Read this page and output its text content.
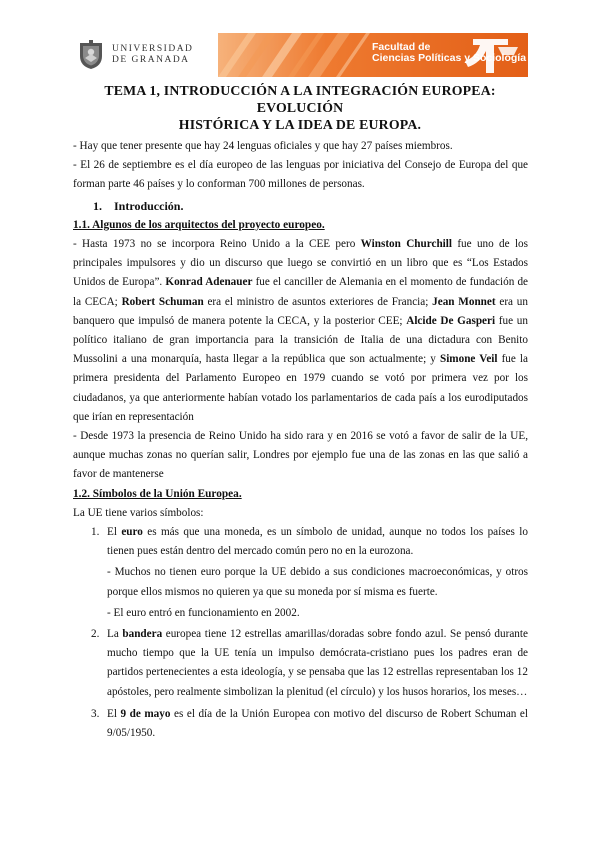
UNIVERSIDAD
DE GRANADA
Facultad de
Ciencias Políticas y Sociología
TEMA 1, INTRODUCCIÓN A LA INTEGRACIÓN EUROPEA: EVOLUCIÓN
HISTÓRICA Y LA IDEA DE EUROPA.

- Hay que tener presente que hay 24 lenguas oficiales y que hay 27 países miembros.

- El 26 de septiembre es el día europeo de las lenguas por iniciativa del Consejo de Europa del que forman parte 46 países y lo conforman 700 millones de personas.

1. Introducción.

1.1. Algunos de los arquitectos del proyecto europeo.

- Hasta 1973 no se incorpora Reino Unido a la CEE pero Winston Churchill fue uno de los principales impulsores y dio un discurso que luego se convirtió en un libro que es “Los Estados Unidos de Europa”. Konrad Adenauer fue el canciller de Alemania en el momento de fundación de la CECA; Robert Schuman era el ministro de asuntos exteriores de Francia; Jean Monnet era un banquero que impulsó de manera potente la CECA, y la posterior CEE; Alcide De Gasperi fue un político italiano de gran importancia para la transición de Italia de una dictadura con Benito Mussolini a una monarquía, hasta llegar a la república que son actualmente; y Simone Veil fue la primera presidenta del Parlamento Europeo en 1979 cuando se votó por primera vez por los ciudadanos, ya que anteriormente habían votado los parlamentarios de cada país a los eurodiputados que irían en representación

- Desde 1973 la presencia de Reino Unido ha sido rara y en 2016 se votó a favor de salir de la UE, aunque muchas zonas no querían salir, Londres por ejemplo fue una de las zonas en las que salió a favor de mantenerse

1.2. Símbolos de la Unión Europea.

La UE tiene varios símbolos:

1. El euro es más que una moneda, es un símbolo de unidad, aunque no todos los países lo tienen pues están dentro del mercado común pero no en la eurozona.

- Muchos no tienen euro porque la UE debido a sus condiciones macroeconómicas, y otros porque ellos mismos no quieren ya que su moneda por sí misma es fuerte.

- El euro entró en funcionamiento en 2002.

2. La bandera europea tiene 12 estrellas amarillas/doradas sobre fondo azul. Se pensó durante mucho tiempo que la UE tenía un impulso demócrata-cristiano pues los padres eran de partidos pertenecientes a esta ideología, y se pensaba que las 12 estrellas representaban los 12 apóstoles, pero realmente simbolizan la plenitud (el círculo) y los husos horarios, los meses…
3. El 9 de mayo es el día de la Unión Europea con motivo del discurso de Robert Schuman el 9/05/1950.
